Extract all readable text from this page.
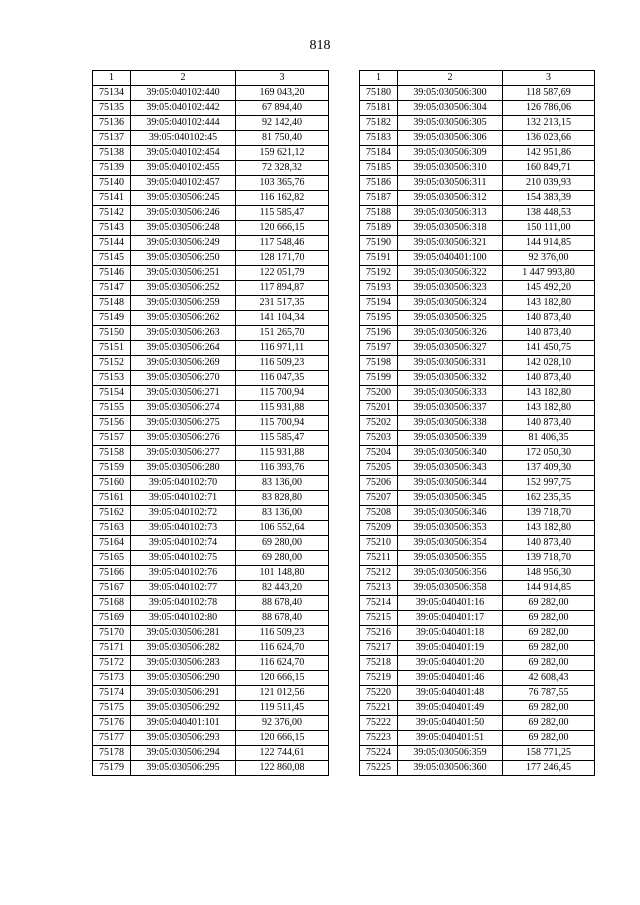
818
1	2	3
75134	39:05:040102:440	169 043,20
75135	39:05:040102:442	67 894,40
75136	39:05:040102:444	92 142,40
75137	39:05:040102:45	81 750,40
75138	39:05:040102:454	159 621,12
75139	39:05:040102:455	72 328,32
75140	39:05:040102:457	103 365,76
75141	39:05:030506:245	116 162,82
75142	39:05:030506:246	115 585,47
75143	39:05:030506:248	120 666,15
75144	39:05:030506:249	117 548,46
75145	39:05:030506:250	128 171,70
75146	39:05:030506:251	122 051,79
75147	39:05:030506:252	117 894,87
75148	39:05:030506:259	231 517,35
75149	39:05:030506:262	141 104,34
75150	39:05:030506:263	151 265,70
75151	39:05:030506:264	116 971,11
75152	39:05:030506:269	116 509,23
75153	39:05:030506:270	116 047,35
75154	39:05:030506:271	115 700,94
75155	39:05:030506:274	115 931,88
75156	39:05:030506:275	115 700,94
75157	39:05:030506:276	115 585,47
75158	39:05:030506:277	115 931,88
75159	39:05:030506:280	116 393,76
75160	39:05:040102:70	83 136,00
75161	39:05:040102:71	83 828,80
75162	39:05:040102:72	83 136,00
75163	39:05:040102:73	106 552,64
75164	39:05:040102:74	69 280,00
75165	39:05:040102:75	69 280,00
75166	39:05:040102:76	101 148,80
75167	39:05:040102:77	82 443,20
75168	39:05:040102:78	88 678,40
75169	39:05:040102:80	88 678,40
75170	39:05:030506:281	116 509,23
75171	39:05:030506:282	116 624,70
75172	39:05:030506:283	116 624,70
75173	39:05:030506:290	120 666,15
75174	39:05:030506:291	121 012,56
75175	39:05:030506:292	119 511,45
75176	39:05:040401:101	92 376,00
75177	39:05:030506:293	120 666,15
75178	39:05:030506:294	122 744,61
75179	39:05:030506:295	122 860,08
1	2	3
75180	39:05:030506:300	118 587,69
75181	39:05:030506:304	126 786,06
75182	39:05:030506:305	132 213,15
75183	39:05:030506:306	136 023,66
75184	39:05:030506:309	142 951,86
75185	39:05:030506:310	160 849,71
75186	39:05:030506:311	210 039,93
75187	39:05:030506:312	154 383,39
75188	39:05:030506:313	138 448,53
75189	39:05:030506:318	150 111,00
75190	39:05:030506:321	144 914,85
75191	39:05:040401:100	92 376,00
75192	39:05:030506:322	1 447 993,80
75193	39:05:030506:323	145 492,20
75194	39:05:030506:324	143 182,80
75195	39:05:030506:325	140 873,40
75196	39:05:030506:326	140 873,40
75197	39:05:030506:327	141 450,75
75198	39:05:030506:331	142 028,10
75199	39:05:030506:332	140 873,40
75200	39:05:030506:333	143 182,80
75201	39:05:030506:337	143 182,80
75202	39:05:030506:338	140 873,40
75203	39:05:030506:339	81 406,35
75204	39:05:030506:340	172 050,30
75205	39:05:030506:343	137 409,30
75206	39:05:030506:344	152 997,75
75207	39:05:030506:345	162 235,35
75208	39:05:030506:346	139 718,70
75209	39:05:030506:353	143 182,80
75210	39:05:030506:354	140 873,40
75211	39:05:030506:355	139 718,70
75212	39:05:030506:356	148 956,30
75213	39:05:030506:358	144 914,85
75214	39:05:040401:16	69 282,00
75215	39:05:040401:17	69 282,00
75216	39:05:040401:18	69 282,00
75217	39:05:040401:19	69 282,00
75218	39:05:040401:20	69 282,00
75219	39:05:040401:46	42 608,43
75220	39:05:040401:48	76 787,55
75221	39:05:040401:49	69 282,00
75222	39:05:040401:50	69 282,00
75223	39:05:040401:51	69 282,00
75224	39:05:030506:359	158 771,25
75225	39:05:030506:360	177 246,45
